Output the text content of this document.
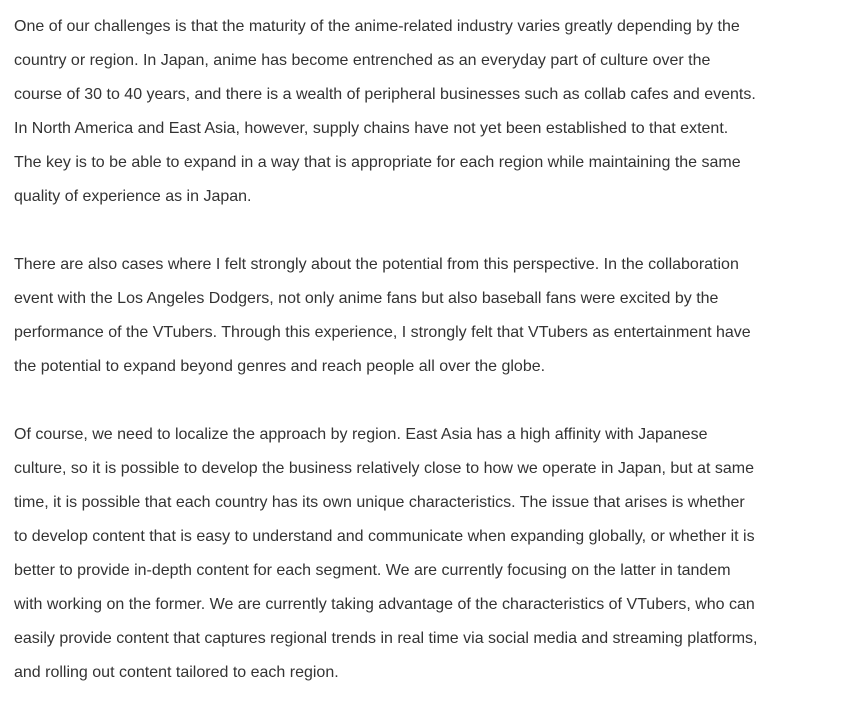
One of our challenges is that the maturity of the anime-related industry varies greatly depending by the
country or region. In Japan, anime has become entrenched as an everyday part of culture over the
course of 30 to 40 years, and there is a wealth of peripheral businesses such as collab cafes and events.
In North America and East Asia, however, supply chains have not yet been established to that extent.
The key is to be able to expand in a way that is appropriate for each region while maintaining the same
quality of experience as in Japan.

There are also cases where I felt strongly about the potential from this perspective. In the collaboration
event with the Los Angeles Dodgers, not only anime fans but also baseball fans were excited by the
performance of the VTubers. Through this experience, I strongly felt that VTubers as entertainment have
the potential to expand beyond genres and reach people all over the globe.

Of course, we need to localize the approach by region. East Asia has a high affinity with Japanese
culture, so it is possible to develop the business relatively close to how we operate in Japan, but at same
time, it is possible that each country has its own unique characteristics. The issue that arises is whether
to develop content that is easy to understand and communicate when expanding globally, or whether it is
better to provide in-depth content for each segment. We are currently focusing on the latter in tandem
with working on the former. We are currently taking advantage of the characteristics of VTubers, who can
easily provide content that captures regional trends in real time via social media and streaming platforms,
and rolling out content tailored to each region.
